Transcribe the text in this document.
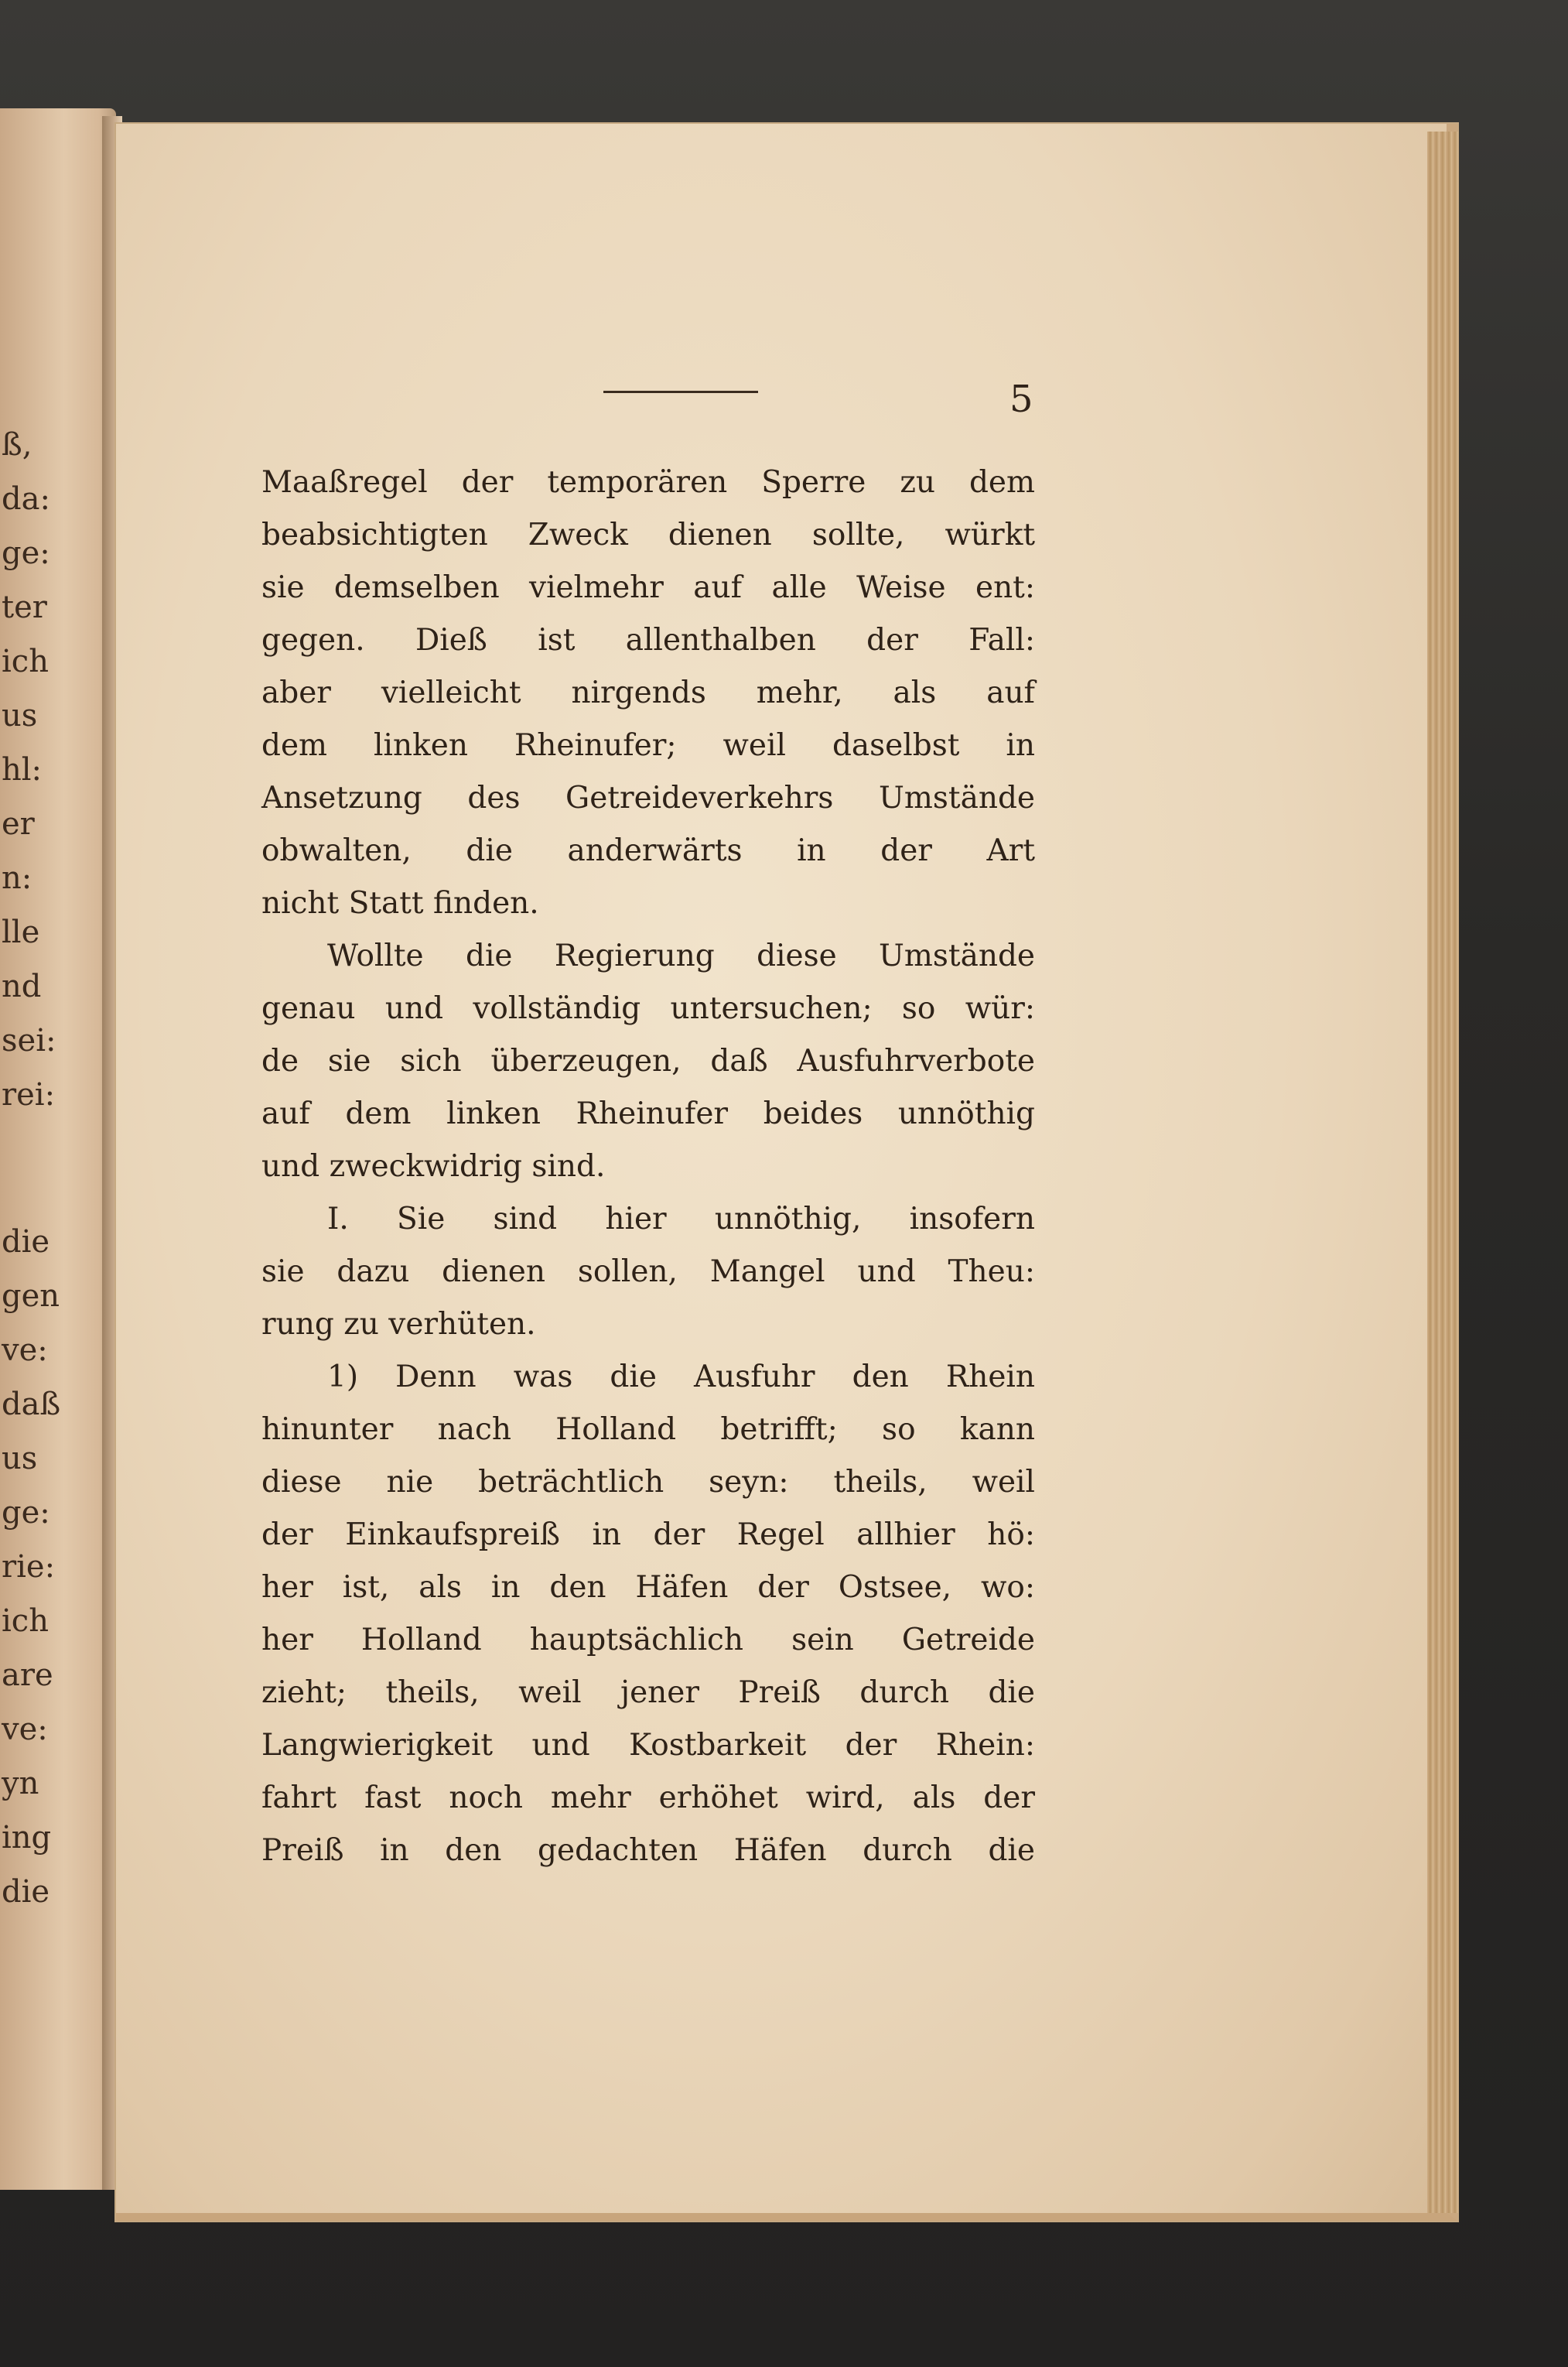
ß,
da:
ge:
ter
ich
us
hl:
er
n:
lle
nd
sei:
rei:
die
gen
ve:
daß
us
ge:
rie:
ich
are
ve:
yn
ing
die
5
Maaßregel der temporären Sperre zu dem
beabsichtigten Zweck dienen sollte, würkt
sie demselben vielmehr auf alle Weise ent:
gegen. Dieß ist allenthalben der Fall:
aber vielleicht nirgends mehr, als auf
dem linken Rheinufer; weil daselbst in
Ansetzung des Getreideverkehrs Umstände
obwalten, die anderwärts in der Art
nicht Statt finden.
Wollte die Regierung diese Umstände
genau und vollständig untersuchen; so wür:
de sie sich überzeugen, daß Ausfuhrverbote
auf dem linken Rheinufer beides unnöthig
und zweckwidrig sind.
I. Sie sind hier unnöthig, insofern
sie dazu dienen sollen, Mangel und Theu:
rung zu verhüten.
1) Denn was die Ausfuhr den Rhein
hinunter nach Holland betrifft; so kann
diese nie beträchtlich seyn: theils, weil
der Einkaufspreiß in der Regel allhier hö:
her ist, als in den Häfen der Ostsee, wo:
her Holland hauptsächlich sein Getreide
zieht; theils, weil jener Preiß durch die
Langwierigkeit und Kostbarkeit der Rhein:
fahrt fast noch mehr erhöhet wird, als der
Preiß in den gedachten Häfen durch die
